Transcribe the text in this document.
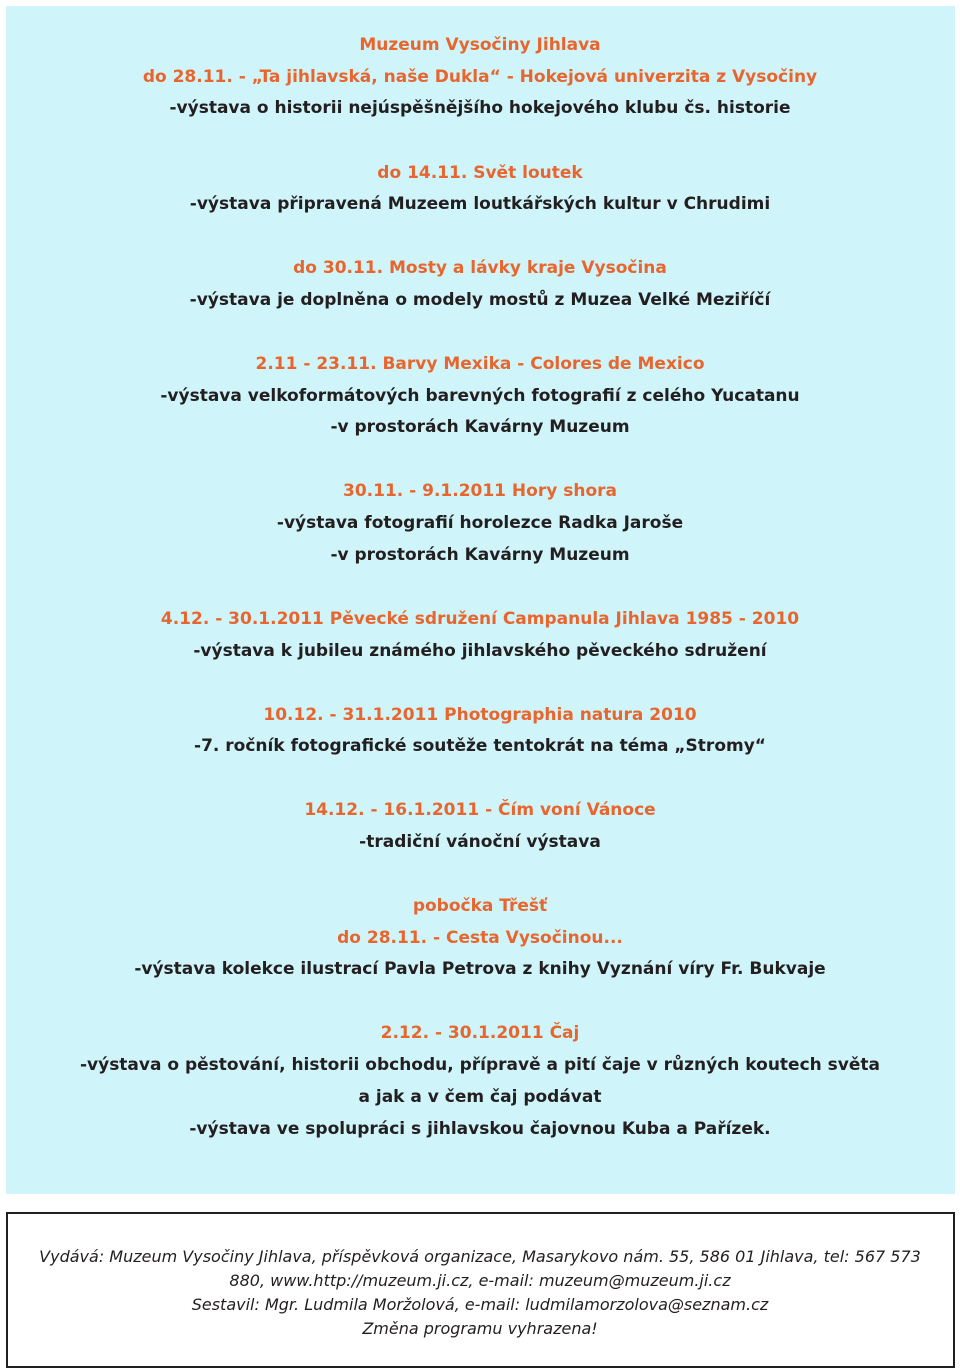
Muzeum Vysočiny Jihlava
do 28.11. - „Ta jihlavská, naše Dukla“ - Hokejová univerzita z Vysočiny
-výstava o historii nejúspěšnějšího hokejového klubu čs. historie
do 14.11. Svět loutek
-výstava připravená Muzeem loutkářských kultur v Chrudimi
do 30.11. Mosty a lávky kraje Vysočina
-výstava je doplněna o modely mostů z Muzea Velké Meziříčí
2.11 - 23.11. Barvy Mexika - Colores de Mexico
-výstava velkoformátových barevných fotografií z celého Yucatanu
-v prostorách Kavárny Muzeum
30.11. - 9.1.2011 Hory shora
-výstava fotografií horolezce Radka Jaroše
-v prostorách Kavárny Muzeum
4.12. - 30.1.2011 Pěvecké sdružení Campanula Jihlava 1985 - 2010
-výstava k jubileu známého jihlavského pěveckého sdružení
10.12. - 31.1.2011 Photographia natura 2010
-7. ročník fotografické soutěže tentokrát na téma „Stromy“
14.12. - 16.1.2011 - Čím voní Vánoce
-tradiční vánoční výstava
pobočka Třešť
do 28.11. - Cesta Vysočinou...
-výstava kolekce ilustrací Pavla Petrova z knihy Vyznání víry Fr. Bukvaje
2.12. - 30.1.2011 Čaj
-výstava o pěstování, historii obchodu, přípravě a pití čaje v různých koutech světa
a jak a v čem čaj podávat
-výstava ve spolupráci s jihlavskou čajovnou Kuba a Pařízek.
Vydává: Muzeum Vysočiny Jihlava, příspěvková organizace, Masarykovo nám. 55, 586 01 Jihlava, tel: 567 573
880, www.http://muzeum.ji.cz, e-mail: muzeum@muzeum.ji.cz
Sestavil: Mgr. Ludmila Moržolová, e-mail: ludmilamorzolova@seznam.cz
Změna programu vyhrazena!
